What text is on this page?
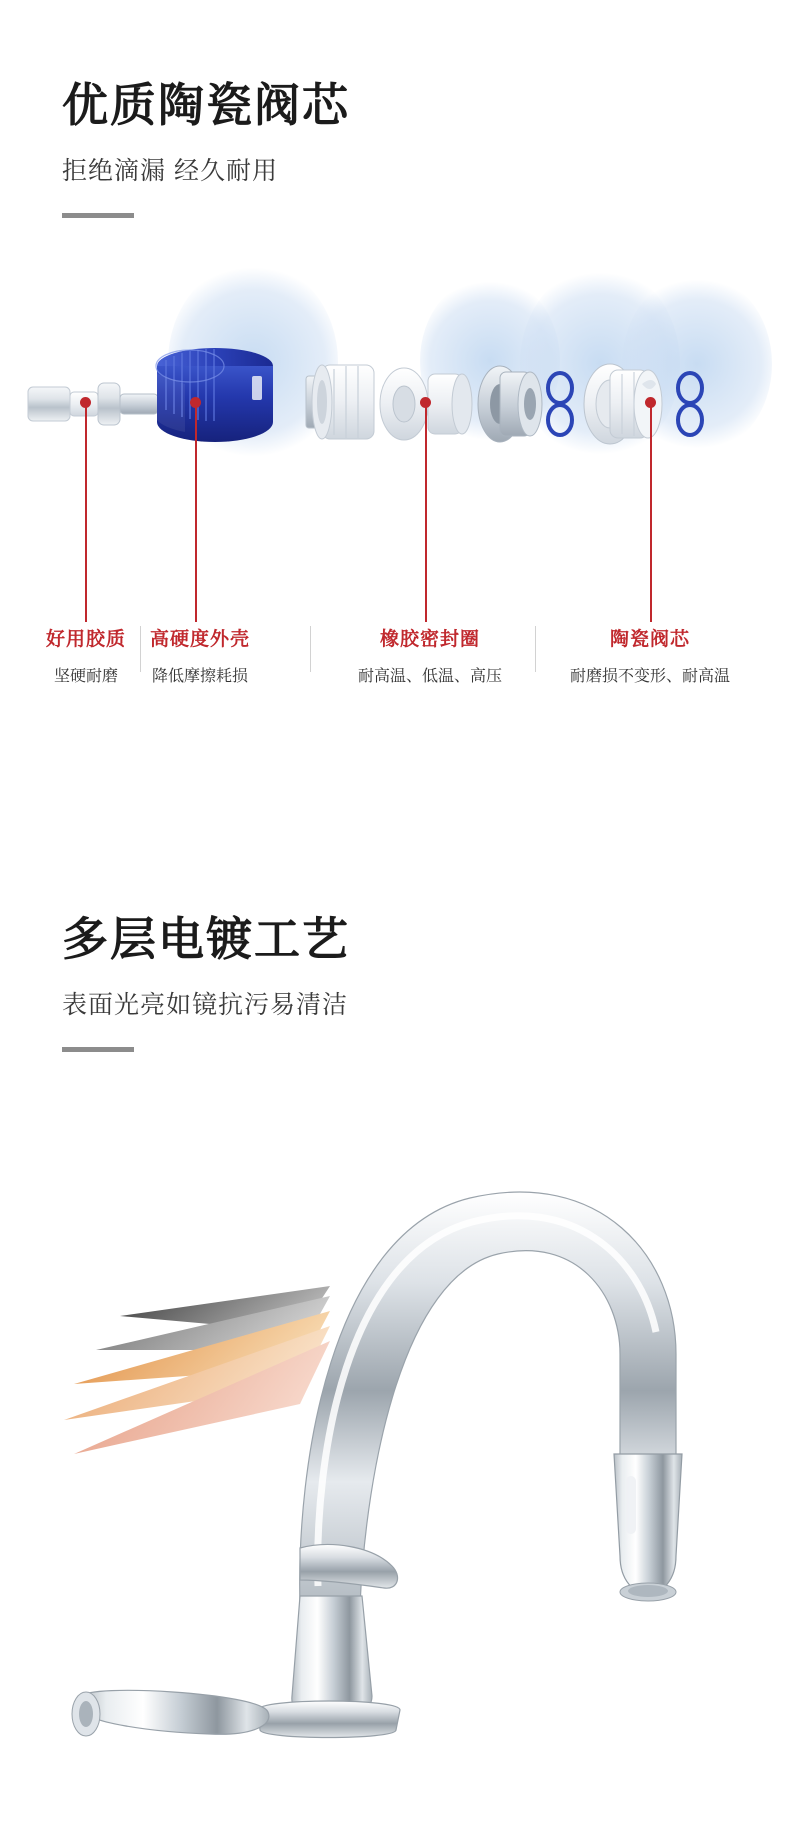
优质陶瓷阀芯
拒绝滴漏 经久耐用
好用胶质
坚硬耐磨
高硬度外壳
降低摩擦耗损
橡胶密封圈
耐高温、低温、高压
陶瓷阀芯
耐磨损不变形、耐高温
多层电镀工艺
表面光亮如镜抗污易清洁
